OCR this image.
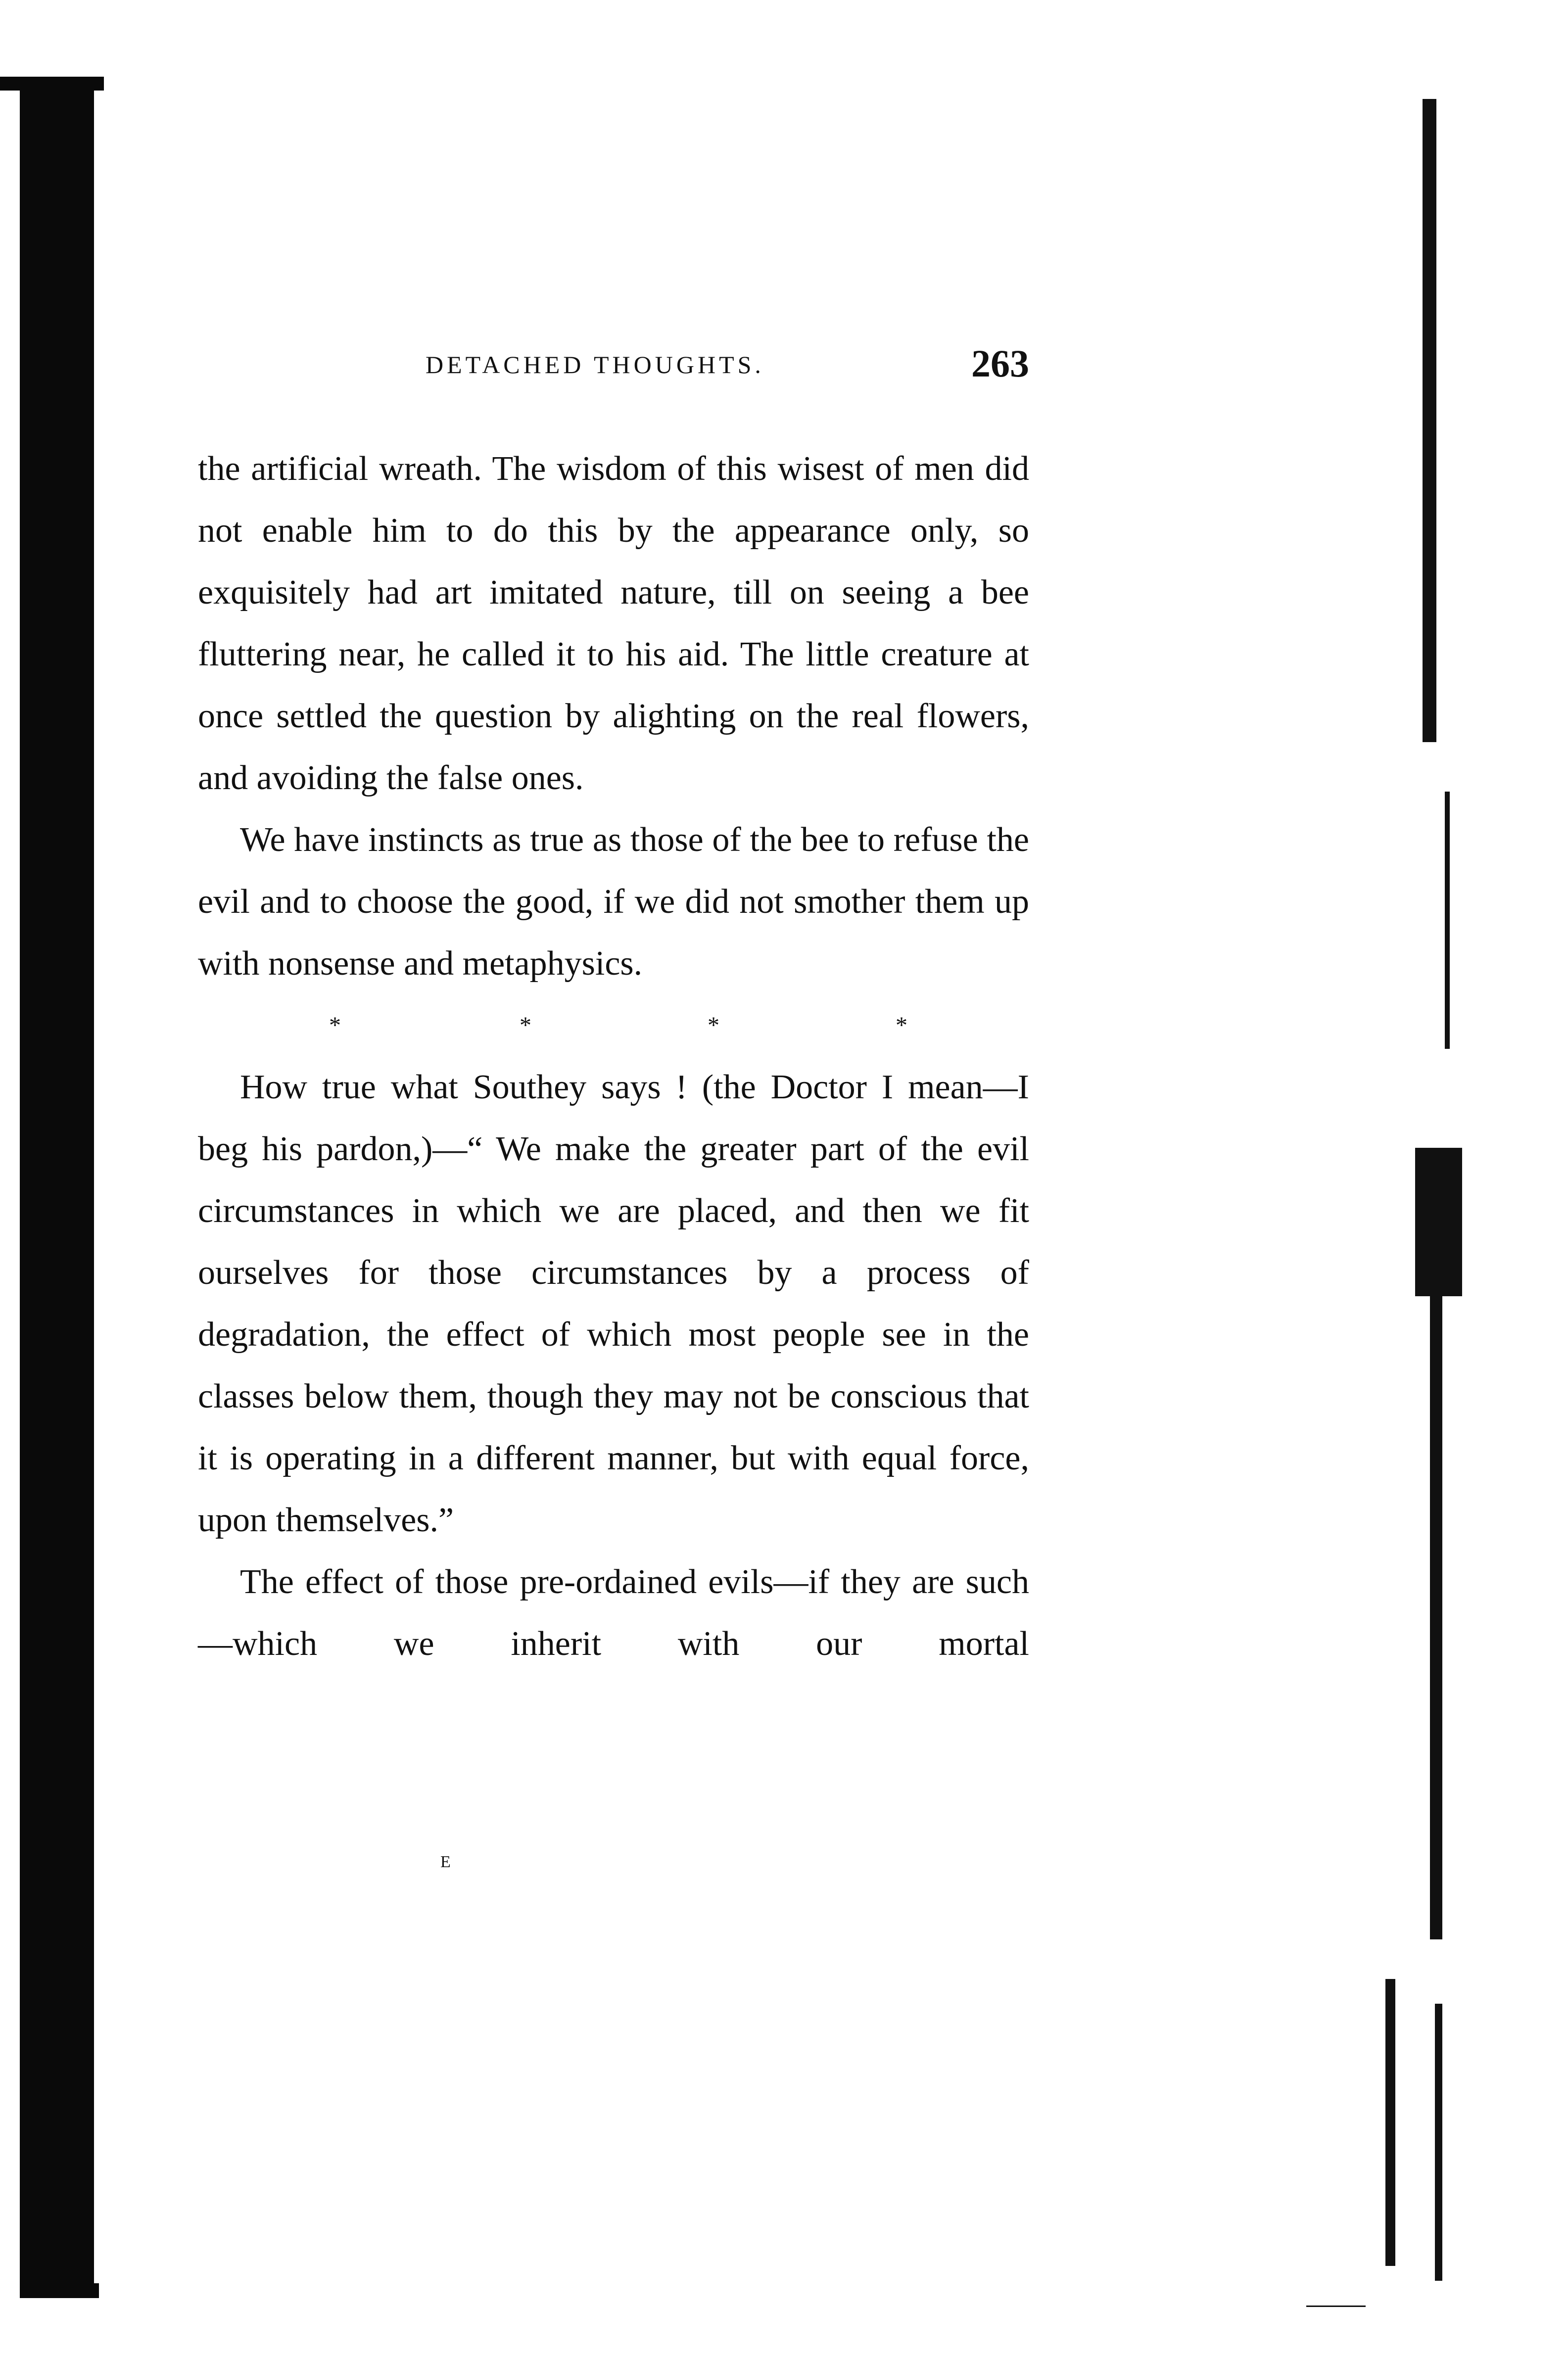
DETACHED THOUGHTS.	263

the artificial wreath. The wisdom of this wisest of men did not enable him to do this by the appearance only, so exquisitely had art imitated nature, till on seeing a bee fluttering near, he called it to his aid. The little creature at once settled the question by alighting on the real flowers, and avoiding the false ones.

We have instincts as true as those of the bee to refuse the evil and to choose the good, if we did not smother them up with nonsense and metaphysics.

*	*	*	*

How true what Southey says ! (the Doctor I mean—I beg his pardon,)—“ We make the greater part of the evil circumstances in which we are placed, and then we fit ourselves for those circumstances by a process of degradation, the effect of which most people see in the classes below them, though they may not be conscious that it is operating in a different manner, but with equal force, upon themselves.”

The effect of those pre-ordained evils—if they are such—which we inherit with our mortal

E
